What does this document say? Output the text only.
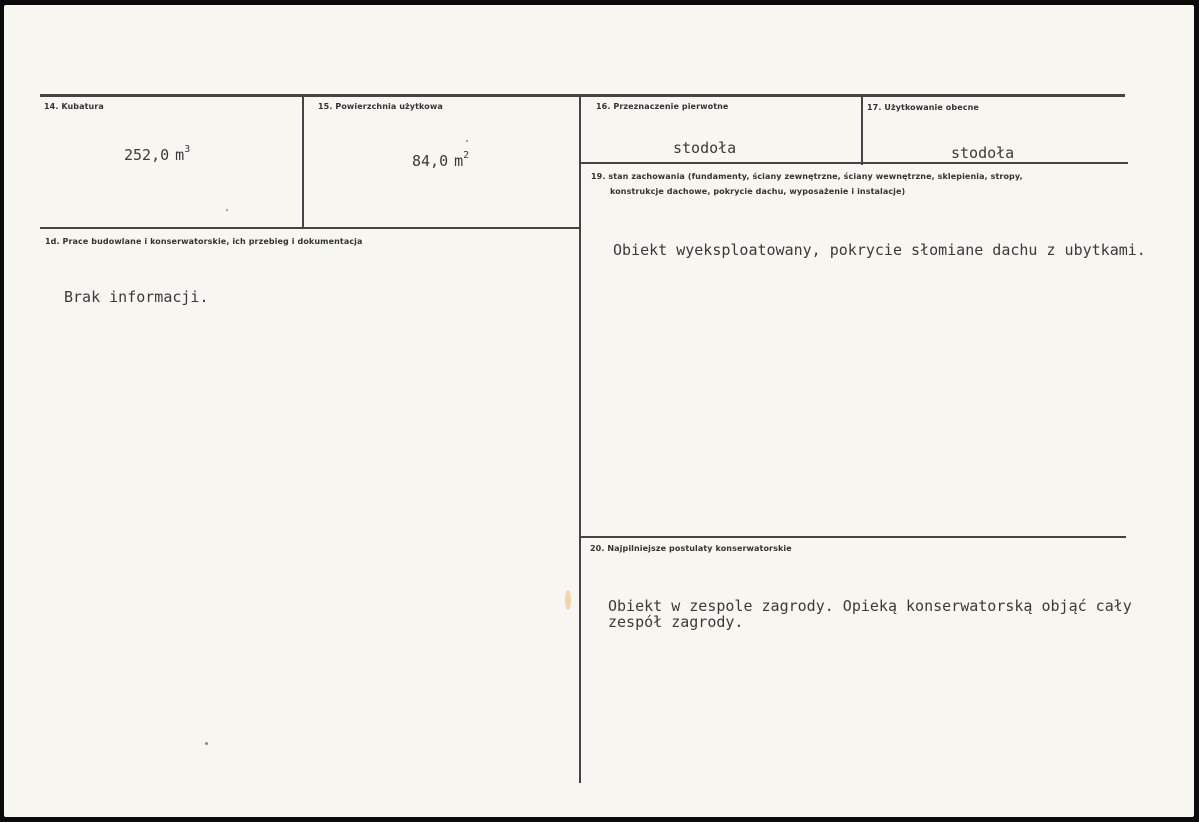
14. Kubatura
252,0 $m^3$
15. Powierzchnia użytkowa
84,0 $m^2$
16. Przeznaczenie pierwotne
stodoła
17. Użytkowanie obecne
stodoła
19. stan zachowania (fundamenty, ściany zewnętrzne, ściany wewnętrzne, sklepienia, stropy,
konstrukcje dachowe, pokrycie dachu, wyposażenie i instalacje)
Obiekt wyeksploatowany, pokrycie słomiane dachu z ubytkami.
1d. Prace budowlane i konserwatorskie, ich przebieg i dokumentacja
Brak informacji.
20. Najpilniejsze postulaty konserwatorskie
Obiekt w zespole zagrody. Opieką konserwatorską objąć cały
zespół zagrody.
